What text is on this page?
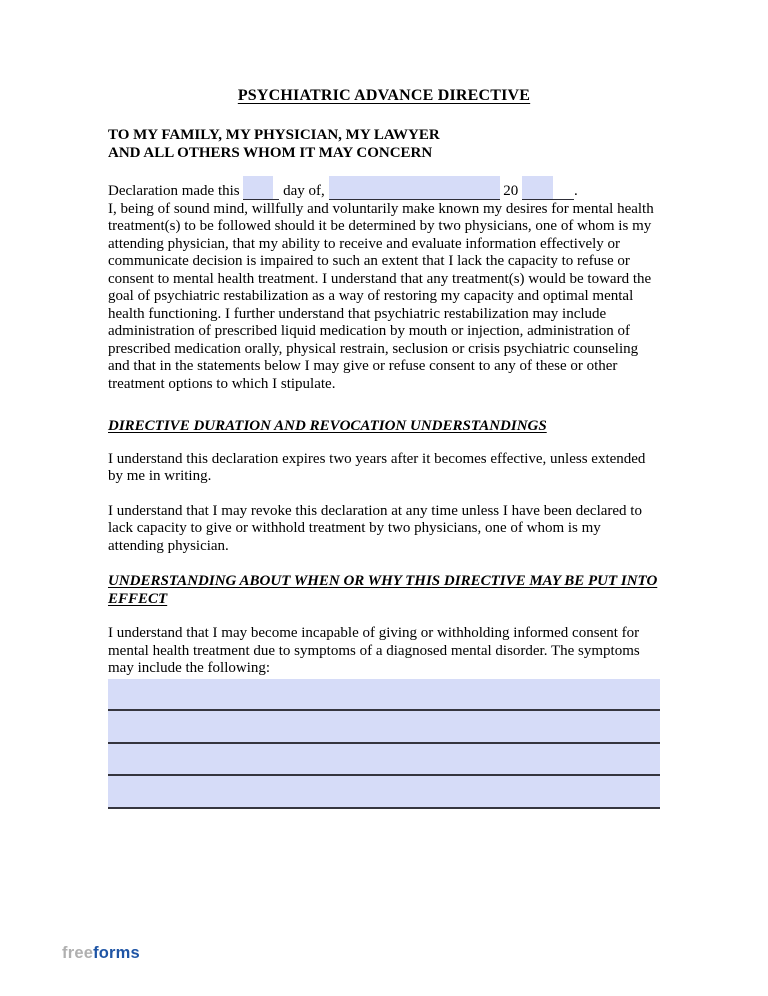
PSYCHIATRIC ADVANCE DIRECTIVE
TO MY FAMILY, MY PHYSICIAN, MY LAWYER
AND ALL OTHERS WHOM IT MAY CONCERN

Declaration made this	day of,	20	.
I, being of sound mind, willfully and voluntarily make known my desires for mental health treatment(s) to be followed should it be determined by two physicians, one of whom is my attending physician, that my ability to receive and evaluate information effectively or communicate decision is impaired to such an extent that I lack the capacity to refuse or consent to mental health treatment. I understand that any treatment(s) would be toward the goal of psychiatric restabilization as a way of restoring my capacity and optimal mental health functioning. I further understand that psychiatric restabilization may include administration of prescribed liquid medication by mouth or injection, administration of prescribed medication orally, physical restrain, seclusion or crisis psychiatric counseling and that in the statements below I may give or refuse consent to any of these or other treatment options to which I stipulate.

DIRECTIVE DURATION AND REVOCATION UNDERSTANDINGS

I understand this declaration expires two years after it becomes effective, unless extended by me in writing.

I understand that I may revoke this declaration at any time unless I have been declared to lack capacity to give or withhold treatment by two physicians, one of whom is my attending physician.

UNDERSTANDING ABOUT WHEN OR WHY THIS DIRECTIVE MAY BE PUT INTO EFFECT

I understand that I may become incapable of giving or withholding informed consent for mental health treatment due to symptoms of a diagnosed mental disorder. The symptoms may include the following:

freeforms
